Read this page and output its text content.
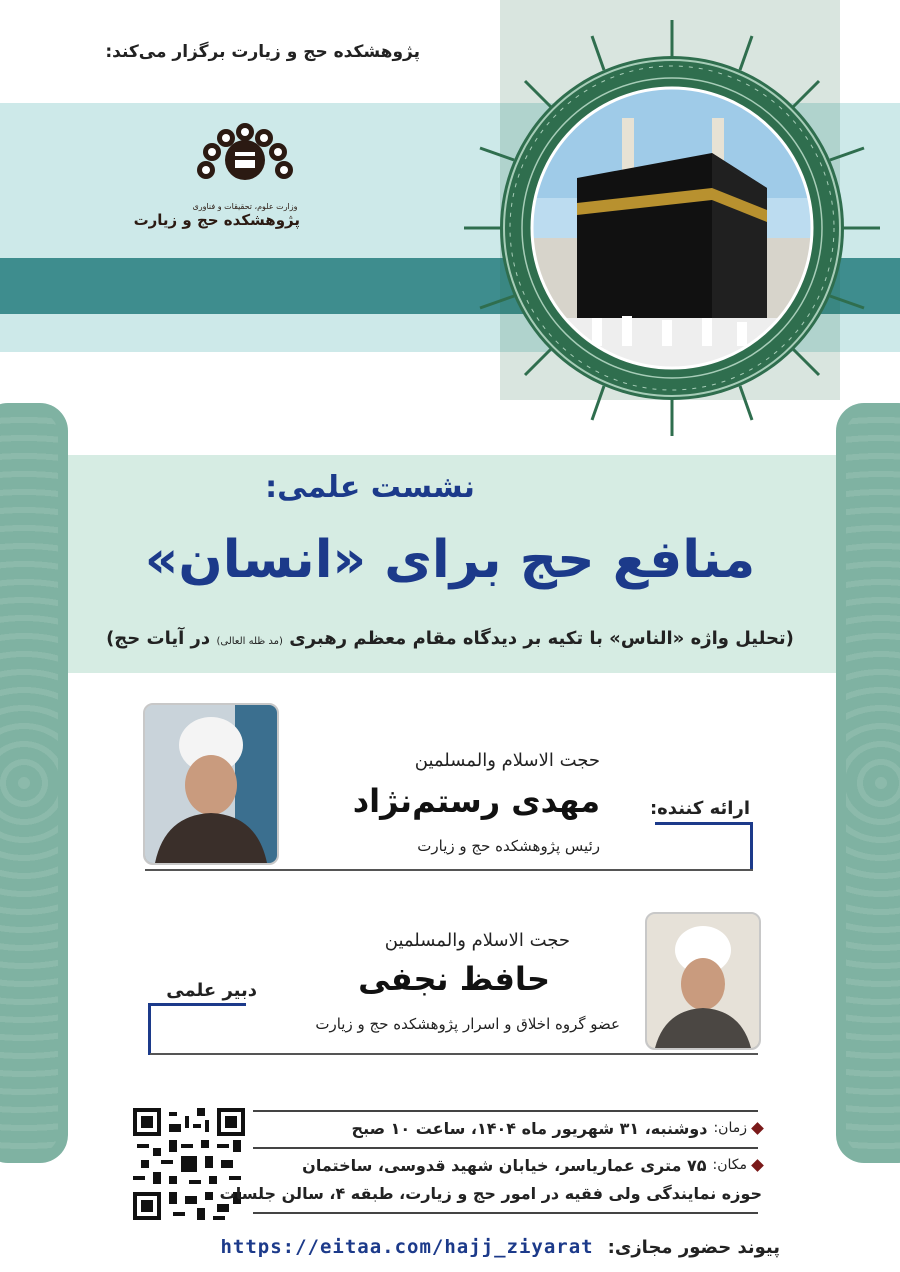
پژوهشکده حج و زیارت برگزار می‌کند:
وزارت علوم، تحقیقات و فناوری
پژوهشکده حج و زیارت
نشست علمی:
منافع حج برای «انسان»
(تحلیل واژه «الناس» با تکیه بر دیدگاه مقام معظم رهبری (مد ظله العالی) در آیات حج)
حجت الاسلام والمسلمین
مهدی رستم‌نژاد
رئیس پژوهشکده حج و زیارت
ارائه کننده:
حجت الاسلام والمسلمین
حافظ نجفی
عضو گروه اخلاق و اسرار پژوهشکده حج و زیارت
دبیر علمی
زمان:
دوشنبه، ۳۱ شهریور ماه ۱۴۰۴، ساعت ۱۰ صبح
مکان:
۷۵ متری عمارياسر، خیابان شهید قدوسی، ساختمان
حوزه نمایندگی ولی فقیه در امور حج و زیارت، طبقه ۴، سالن جلسات
پیوند حضور مجازی:
https://eitaa.com/hajj_ziyarat
